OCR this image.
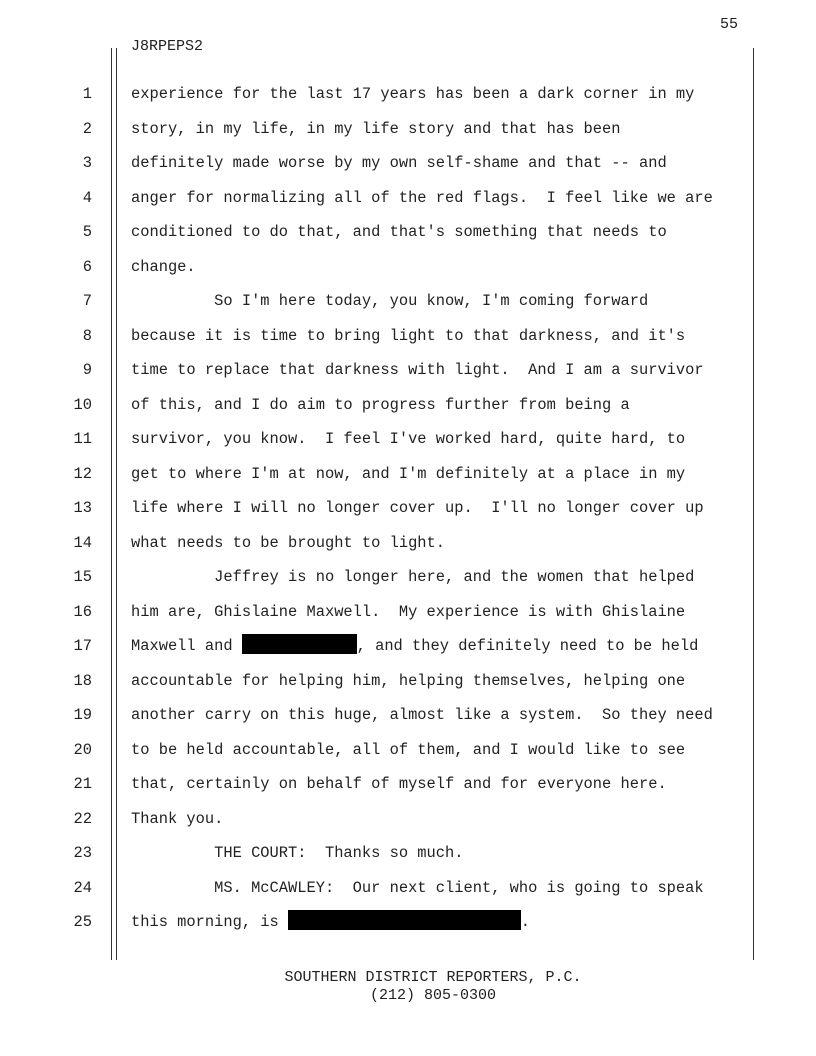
55
J8RPEPS2
1	experience for the last 17 years has been a dark corner in my
2	story, in my life, in my life story and that has been
3	definitely made worse by my own self-shame and that -- and
4	anger for normalizing all of the red flags.  I feel like we are
5	conditioned to do that, and that's something that needs to
6	change.
7	So I'm here today, you know, I'm coming forward
8	because it is time to bring light to that darkness, and it's
9	time to replace that darkness with light.  And I am a survivor
10	of this, and I do aim to progress further from being a
11	survivor, you know.  I feel I've worked hard, quite hard, to
12	get to where I'm at now, and I'm definitely at a place in my
13	life where I will no longer cover up.  I'll no longer cover up
14	what needs to be brought to light.
15	Jeffrey is no longer here, and the women that helped
16	him are, Ghislaine Maxwell.  My experience is with Ghislaine
17	Maxwell and	, and they definitely need to be held
18	accountable for helping him, helping themselves, helping one
19	another carry on this huge, almost like a system.  So they need
20	to be held accountable, all of them, and I would like to see
21	that, certainly on behalf of myself and for everyone here.
22	Thank you.
23	THE COURT:  Thanks so much.
24	MS. McCAWLEY:  Our next client, who is going to speak
25	this morning, is	.
SOUTHERN DISTRICT REPORTERS, P.C.
(212) 805-0300
